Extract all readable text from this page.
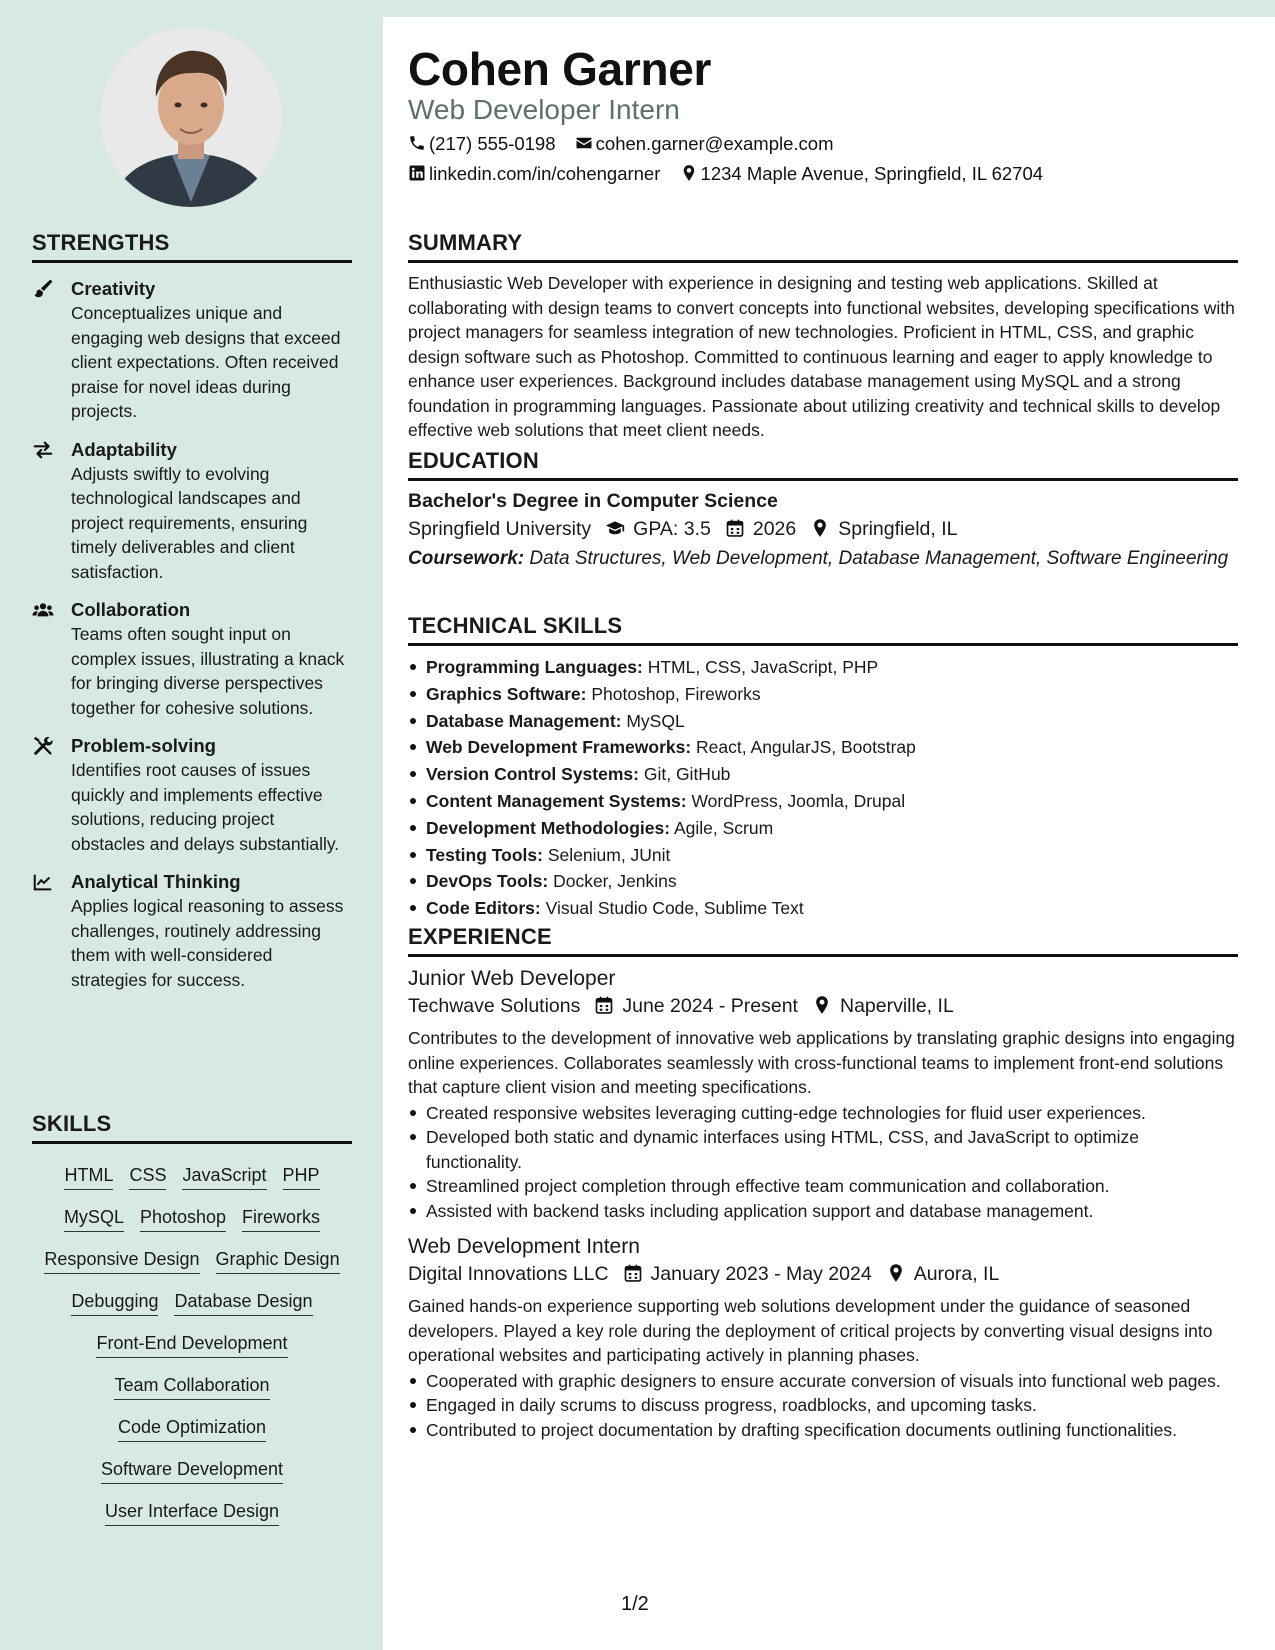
STRENGTHS
Creativity
Conceptualizes unique and engaging web designs that exceed client expectations. Often received praise for novel ideas during projects.
Adaptability
Adjusts swiftly to evolving technological landscapes and project requirements, ensuring timely deliverables and client satisfaction.
Collaboration
Teams often sought input on complex issues, illustrating a knack for bringing diverse perspectives together for cohesive solutions.
Problem-solving
Identifies root causes of issues quickly and implements effective solutions, reducing project obstacles and delays substantially.
Analytical Thinking
Applies logical reasoning to assess challenges, routinely addressing them with well-considered strategies for success.
SKILLS
HTML CSS JavaScript PHP
MySQL Photoshop Fireworks
Responsive Design Graphic Design
Debugging Database Design
Front-End Development
Team Collaboration
Code Optimization
Software Development
User Interface Design
Cohen Garner
Web Developer Intern
(217) 555-0198 cohen.garner@example.com
linkedin.com/in/cohengarner 1234 Maple Avenue, Springfield, IL 62704
SUMMARY
Enthusiastic Web Developer with experience in designing and testing web applications. Skilled at collaborating with design teams to convert concepts into functional websites, developing specifications with project managers for seamless integration of new technologies. Proficient in HTML, CSS, and graphic design software such as Photoshop. Committed to continuous learning and eager to apply knowledge to enhance user experiences. Background includes database management using MySQL and a strong foundation in programming languages. Passionate about utilizing creativity and technical skills to develop effective web solutions that meet client needs.
EDUCATION
Bachelor's Degree in Computer Science
Springfield University GPA: 3.5 2026 Springfield, IL
Coursework: Data Structures, Web Development, Database Management, Software Engineering
TECHNICAL SKILLS
Programming Languages: HTML, CSS, JavaScript, PHP
Graphics Software: Photoshop, Fireworks
Database Management: MySQL
Web Development Frameworks: React, AngularJS, Bootstrap
Version Control Systems: Git, GitHub
Content Management Systems: WordPress, Joomla, Drupal
Development Methodologies: Agile, Scrum
Testing Tools: Selenium, JUnit
DevOps Tools: Docker, Jenkins
Code Editors: Visual Studio Code, Sublime Text
EXPERIENCE
Junior Web Developer
Techwave Solutions June 2024 - Present Naperville, IL
Contributes to the development of innovative web applications by translating graphic designs into engaging online experiences. Collaborates seamlessly with cross-functional teams to implement front-end solutions that capture client vision and meeting specifications.
Created responsive websites leveraging cutting-edge technologies for fluid user experiences.
Developed both static and dynamic interfaces using HTML, CSS, and JavaScript to optimize functionality.
Streamlined project completion through effective team communication and collaboration.
Assisted with backend tasks including application support and database management.
Web Development Intern
Digital Innovations LLC January 2023 - May 2024 Aurora, IL
Gained hands-on experience supporting web solutions development under the guidance of seasoned developers. Played a key role during the deployment of critical projects by converting visual designs into operational websites and participating actively in planning phases.
Cooperated with graphic designers to ensure accurate conversion of visuals into functional web pages.
Engaged in daily scrums to discuss progress, roadblocks, and upcoming tasks.
Contributed to project documentation by drafting specification documents outlining functionalities.
1/2
